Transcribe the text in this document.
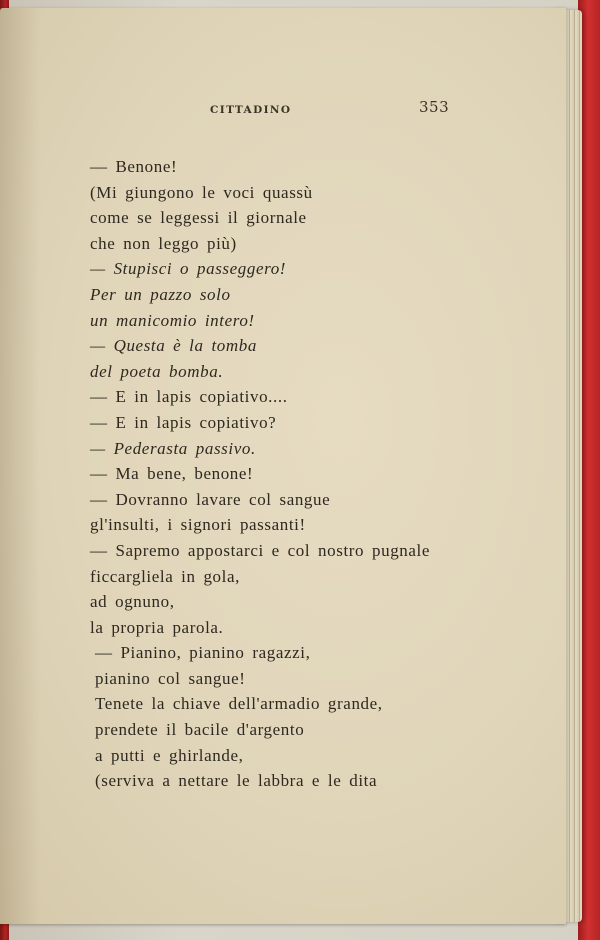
CITTADINO	353
— Benone!
(Mi giungono le voci quassù
come se leggessi il giornale
che non leggo più)
— Stupisci o passeggero!
Per un pazzo solo
un manicomio intero!
— Questa è la tomba
del poeta bomba.
— E in lapis copiativo....
— E in lapis copiativo?
— Pederasta passivo.
— Ma bene, benone!
— Dovranno lavare col sangue
gl'insulti, i signori passanti!
— Sapremo appostarci e col nostro pugnale
ficcargliela in gola,
ad ognuno,
la propria parola.
— Pianino, pianino ragazzi,
pianino col sangue!
Tenete la chiave dell'armadio grande,
prendete il bacile d'argento
a putti e ghirlande,
(serviva a nettare le labbra e le dita
